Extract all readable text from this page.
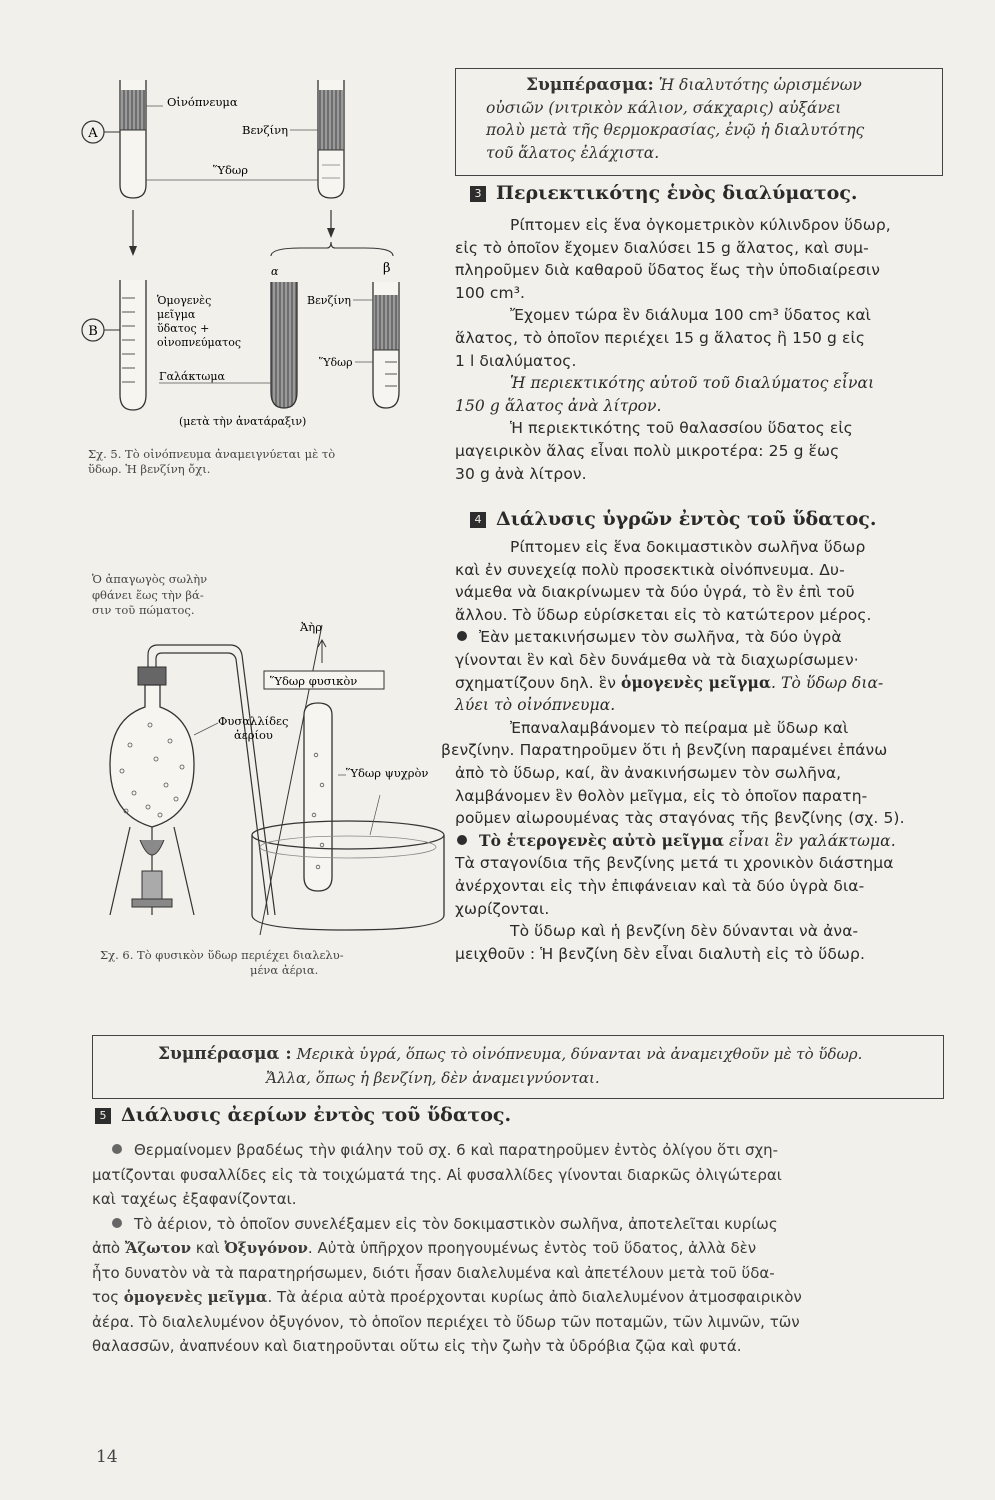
A
Οἰνόπνευμα
Βενζίνη
Ὕδωρ
α	β
B
Ὁμογενὲς
μεῖγμα
ὕδατος +
οἰνοπνεύματος
Γαλάκτωμα
Βενζίνη
Ὕδωρ
(μετὰ τὴν ἀνατάραξιν)
Σχ. 5. Τὸ οἰνόπνευμα ἀναμειγνύεται μὲ τὸ
ὕδωρ. Ἡ βενζίνη ὄχι.
Ὁ ἀπαγωγὸς σωλὴν
φθάνει ἕως τὴν βά-
σιν τοῦ πώματος.
Ἀὴρ
Ὕδωρ φυσικὸν
Φυσαλλίδες
ἀερίου
Ὕδωρ ψυχρὸν
Σχ. 6. Τὸ φυσικὸν ὕδωρ περιέχει διαλελυ-
μένα ἀέρια.
Συμπέρασμα: Ἡ διαλυτότης ὡρισμένων
οὐσιῶν (νιτρικὸν κάλιον, σάκχαρις) αὐξάνει
πολὺ μετὰ τῆς θερμοκρασίας, ἐνῷ ἡ διαλυτότης
τοῦ ἅλατος ἐλάχιστα.
3 Περιεκτικότης ἑνὸς διαλύματος.
Ρίπτομεν εἰς ἕνα ὀγκομετρικὸν κύλινδρον ὕδωρ,
εἰς τὸ ὁποῖον ἔχομεν διαλύσει 15 g ἅλατος, καὶ συμ-
πληροῦμεν διὰ καθαροῦ ὕδατος ἕως τὴν ὑποδιαίρεσιν
100 cm³.
Ἔχομεν τώρα ἓν διάλυμα 100 cm³ ὕδατος καὶ
ἅλατος, τὸ ὁποῖον περιέχει 15 g ἅλατος ἢ 150 g εἰς
1 l διαλύματος.
Ἡ περιεκτικότης αὐτοῦ τοῦ διαλύματος εἶναι
150 g ἅλατος ἀνὰ λίτρον.
Ἡ περιεκτικότης τοῦ θαλασσίου ὕδατος εἰς
μαγειρικὸν ἅλας εἶναι πολὺ μικροτέρα: 25 g ἕως
30 g ἀνὰ λίτρον.
4 Διάλυσις ὑγρῶν ἐντὸς τοῦ ὕδατος.
Ρίπτομεν εἰς ἕνα δοκιμαστικὸν σωλῆνα ὕδωρ
καὶ ἐν συνεχείᾳ πολὺ προσεκτικὰ οἰνόπνευμα. Δυ-
νάμεθα νὰ διακρίνωμεν τὰ δύο ὑγρά, τὸ ἓν ἐπὶ τοῦ
ἄλλου. Τὸ ὕδωρ εὑρίσκεται εἰς τὸ κατώτερον μέρος.
Ἐὰν μετακινήσωμεν τὸν σωλῆνα, τὰ δύο ὑγρὰ
γίνονται ἓν καὶ δὲν δυνάμεθα νὰ τὰ διαχωρίσωμεν·
σχηματίζουν δηλ. ἓν ὁμογενὲς μεῖγμα. Τὸ ὕδωρ δια-
λύει τὸ οἰνόπνευμα.
Ἐπαναλαμβάνομεν τὸ πείραμα μὲ ὕδωρ καὶ
βενζίνην. Παρατηροῦμεν ὅτι ἡ βενζίνη παραμένει ἐπάνω
ἀπὸ τὸ ὕδωρ, καί, ἂν ἀνακινήσωμεν τὸν σωλῆνα,
λαμβάνομεν ἓν θολὸν μεῖγμα, εἰς τὸ ὁποῖον παρατη-
ροῦμεν αἰωρουμένας τὰς σταγόνας τῆς βενζίνης (σχ. 5).
Τὸ ἑτερογενὲς αὐτὸ μεῖγμα εἶναι ἓν γαλάκτωμα.
Τὰ σταγονίδια τῆς βενζίνης μετά τι χρονικὸν διάστημα
ἀνέρχονται εἰς τὴν ἐπιφάνειαν καὶ τὰ δύο ὑγρὰ δια-
χωρίζονται.
Τὸ ὕδωρ καὶ ἡ βενζίνη δὲν δύνανται νὰ ἀνα-
μειχθοῦν : Ἡ βενζίνη δὲν εἶναι διαλυτὴ εἰς τὸ ὕδωρ.
Συμπέρασμα : Μερικὰ ὑγρά, ὅπως τὸ οἰνόπνευμα, δύνανται νὰ ἀναμειχθοῦν μὲ τὸ ὕδωρ.
Ἄλλα, ὅπως ἡ βενζίνη, δὲν ἀναμειγνύονται.
5 Διάλυσις ἀερίων ἐντὸς τοῦ ὕδατος.
Θερμαίνομεν βραδέως τὴν φιάλην τοῦ σχ. 6 καὶ παρατηροῦμεν ἐντὸς ὀλίγου ὅτι σχη-
ματίζονται φυσαλλίδες εἰς τὰ τοιχώματά της. Αἱ φυσαλλίδες γίνονται διαρκῶς ὀλιγώτεραι
καὶ ταχέως ἐξαφανίζονται.
Τὸ ἀέριον, τὸ ὁποῖον συνελέξαμεν εἰς τὸν δοκιμαστικὸν σωλῆνα, ἀποτελεῖται κυρίως
ἀπὸ Ἄζωτον καὶ Ὀξυγόνον. Αὐτὰ ὑπῆρχον προηγουμένως ἐντὸς τοῦ ὕδατος, ἀλλὰ δὲν
ἦτο δυνατὸν νὰ τὰ παρατηρήσωμεν, διότι ἦσαν διαλελυμένα καὶ ἀπετέλουν μετὰ τοῦ ὕδα-
τος ὁμογενὲς μεῖγμα. Τὰ ἀέρια αὐτὰ προέρχονται κυρίως ἀπὸ διαλελυμένον ἀτμοσφαιρικὸν
ἀέρα. Τὸ διαλελυμένον ὀξυγόνον, τὸ ὁποῖον περιέχει τὸ ὕδωρ τῶν ποταμῶν, τῶν λιμνῶν, τῶν
θαλασσῶν, ἀναπνέουν καὶ διατηροῦνται οὕτω εἰς τὴν ζωὴν τὰ ὑδρόβια ζῷα καὶ φυτά.
14
